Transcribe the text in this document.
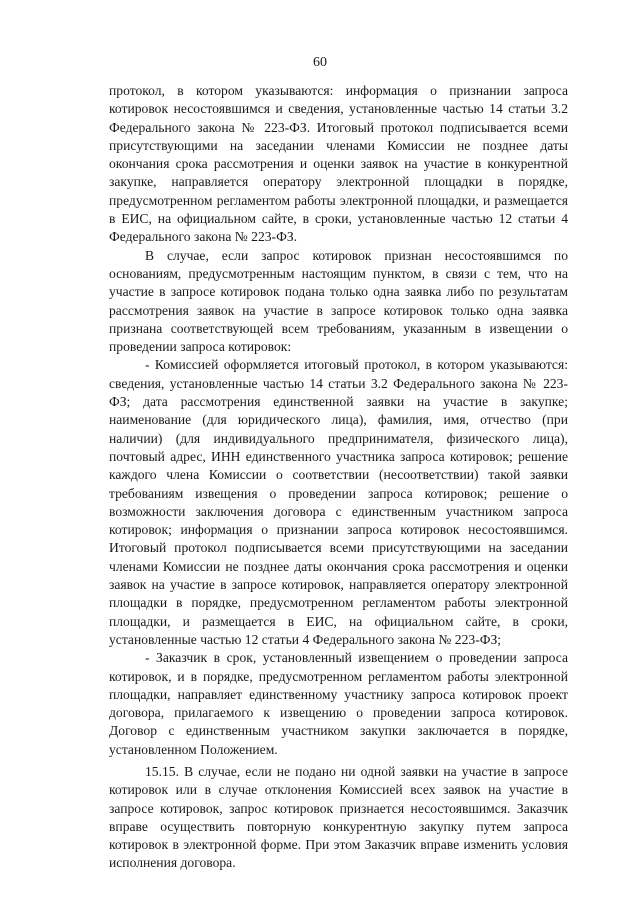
60

протокол, в котором указываются: информация о признании запроса котировок несостоявшимся и сведения, установленные частью 14 статьи 3.2 Федерального закона № 223-ФЗ. Итоговый протокол подписывается всеми присутствующими на заседании членами Комиссии не позднее даты окончания срока рассмотрения и оценки заявок на участие в конкурентной закупке, направляется оператору электронной площадки в порядке, предусмотренном регламентом работы электронной площадки, и размещается в ЕИС, на официальном сайте, в сроки, установленные частью 12 статьи 4 Федерального закона № 223-ФЗ.

В случае, если запрос котировок признан несостоявшимся по основаниям, предусмотренным настоящим пунктом, в связи с тем, что на участие в запросе котировок подана только одна заявка либо по результатам рассмотрения заявок на участие в запросе котировок только одна заявка признана соответствующей всем требованиям, указанным в извещении о проведении запроса котировок:

- Комиссией оформляется итоговый протокол, в котором указываются: сведения, установленные частью 14 статьи 3.2 Федерального закона № 223-ФЗ; дата рассмотрения единственной заявки на участие в закупке; наименование (для юридического лица), фамилия, имя, отчество (при наличии) (для индивидуального предпринимателя, физического лица), почтовый адрес, ИНН единственного участника запроса котировок; решение каждого члена Комиссии о соответствии (несоответствии) такой заявки требованиям извещения о проведении запроса котировок; решение о возможности заключения договора с единственным участником запроса котировок; информация о признании запроса котировок несостоявшимся. Итоговый протокол подписывается всеми присутствующими на заседании членами Комиссии не позднее даты окончания срока рассмотрения и оценки заявок на участие в запросе котировок, направляется оператору электронной площадки в порядке, предусмотренном регламентом работы электронной площадки, и размещается в ЕИС, на официальном сайте, в сроки, установленные частью 12 статьи 4 Федерального закона № 223-ФЗ;

- Заказчик в срок, установленный извещением о проведении запроса котировок, и в порядке, предусмотренном регламентом работы электронной площадки, направляет единственному участнику запроса котировок проект договора, прилагаемого к извещению о проведении запроса котировок. Договор с единственным участником закупки заключается в порядке, установленном Положением.

15.15. В случае, если не подано ни одной заявки на участие в запросе котировок или в случае отклонения Комиссией всех заявок на участие в запросе котировок, запрос котировок признается несостоявшимся. Заказчик вправе осуществить повторную конкурентную закупку путем запроса котировок в электронной форме. При этом Заказчик вправе изменить условия исполнения договора.
